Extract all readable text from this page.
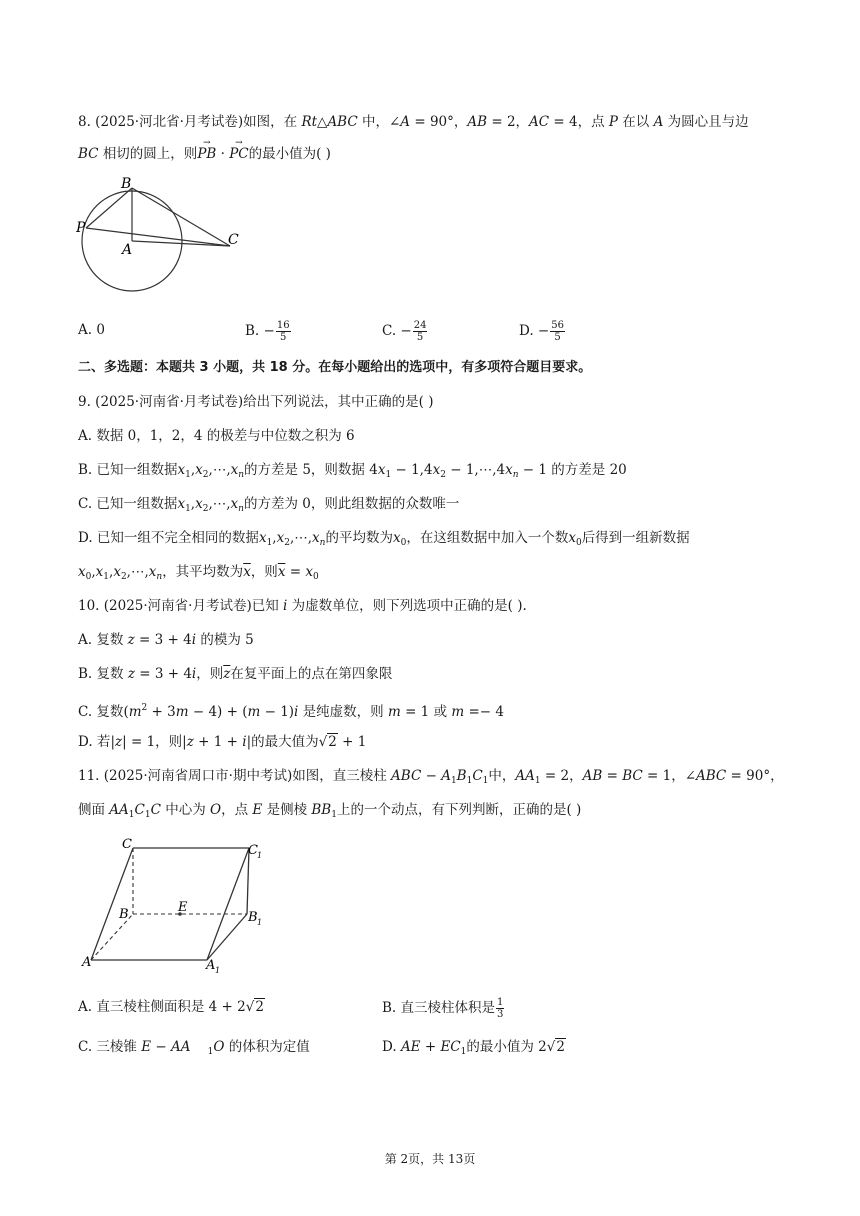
8. (2025·河北省·月考试卷)如图，在 Rt△ABC 中，∠A = 90°，AB = 2，AC = 4，点 P 在以 A 为圆心且与边
BC 相切的圆上，则→ PB · → PC的最小值为( )
B
P
A
C
A. 0	B. − $\frac{16}{5}$	C. − $\frac{24}{5}$	D. − $\frac{56}{5}$
二、多选题：本题共 3 小题，共 18 分。在每小题给出的选项中，有多项符合题目要求。
9. (2025·河南省·月考试卷)给出下列说法，其中正确的是( )
A. 数据 0，1，2，4 的极差与中位数之积为 6
B. 已知一组数据$x_1,x_2,\cdots,x_n$的方差是 5，则数据 $4x_1 - 1,4x_2$ − $1,\cdots,4x_n - 1$ 的方差是 20
C. 已知一组数据$x_1,x_2,\cdots,x_n$的方差为 0，则此组数据的众数唯一
D. 已知一组不完全相同的数据$x_1,x_2,\cdots,x_n$的平均数为$x_0$，在这组数据中加入一个数$x_0$后得到一组新数据
$x_0,x_1,x_2,\cdots,x_n$，其平均数为$\overline{x}$，则$\overline{x} = x_0$
10. (2025·河南省·月考试卷)已知 i 为虚数单位，则下列选项中正确的是( ).
A. 复数 z = 3 + 4i 的模为 5
B. 复数 z = 3 + 4i，则$\overline{z}$在复平面上的点在第四象限
C. 复数$(m^2 + 3m - 4) + (m - 1)i$ 是纯虚数，则 m = 1 或 m =− 4
D. 若|z| = 1，则|z + 1 + i|的最大值为√2 + 1
11. (2025·河南省周口市·期中考试)如图，直三棱柱 ABC − $A_1B_1C_1$中，$AA_1 = 2$，AB = BC = 1，∠ABC = 90°，
侧面 $AA_1C_1C$ 中心为 O，点 E 是侧棱 $BB_1$上的一个动点，有下列判断，正确的是( )
C	C 1
B	E
B 1
A	A 1
A. 直三棱柱侧面积是 4 + 2√2	B. 直三棱柱体积是 $\frac{1}{3}$
C. 三棱锥 E − AA $_1$O 的体积为定值	D. AE + $EC_1$的最小值为 2√2
第 2页，共 13页
